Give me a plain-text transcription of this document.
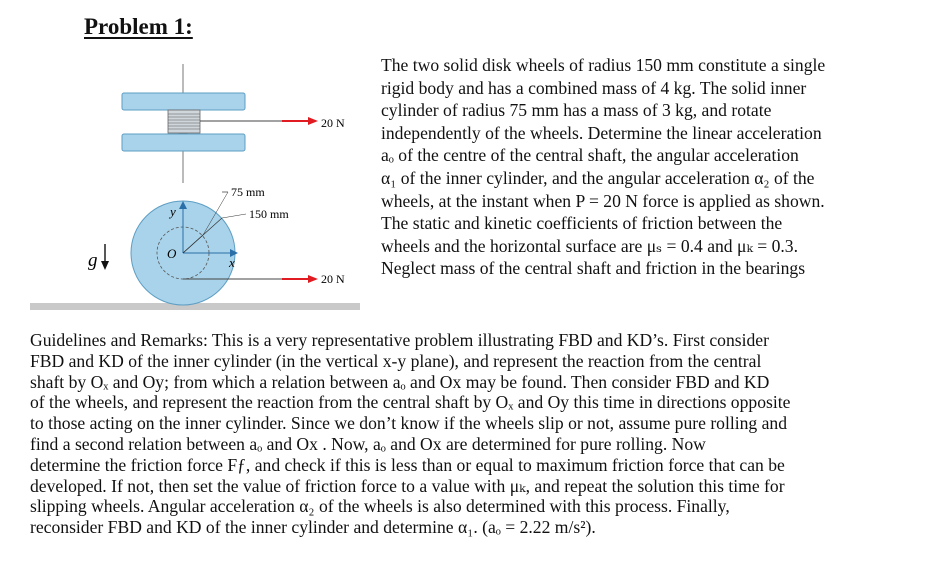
Problem 1:
20 N
20 N
y
x
O
75 mm
150 mm
g
The two solid disk wheels of radius 150 mm constitute a single
rigid body and has a combined mass of 4 kg. The solid inner
cylinder of radius 75 mm has a mass of 3 kg, and rotate
independently of the wheels. Determine the linear acceleration
aₒ of the centre of the central shaft, the angular acceleration
α₁ of the inner cylinder, and the angular acceleration α₂ of the
wheels, at the instant when P = 20 N force is applied as shown.
The static and kinetic coefficients of friction between the
wheels and the horizontal surface are μₛ = 0.4 and μₖ = 0.3.
Neglect mass of the central shaft and friction in the bearings
Guidelines and Remarks: This is a very representative problem illustrating FBD and KD’s. First consider
FBD and KD of the inner cylinder (in the vertical x-y plane), and represent the reaction from the central
shaft by Oₓ and Oy; from which a relation between aₒ and Ox may be found. Then consider FBD and KD
of the wheels, and represent the reaction from the central shaft by Oₓ and Oy this time in directions opposite
to those acting on the inner cylinder. Since we don’t know if the wheels slip or not, assume pure rolling and
find a second relation between aₒ and Ox . Now, aₒ and Ox are determined for pure rolling. Now
determine the friction force Fƒ, and check if this is less than or equal to maximum friction force that can be
developed. If not, then set the value of friction force to a value with μₖ, and repeat the solution this time for
slipping wheels. Angular acceleration α₂ of the wheels is also determined with this process. Finally,
reconsider FBD and KD of the inner cylinder and determine α₁. (aₒ = 2.22 m/s²).
